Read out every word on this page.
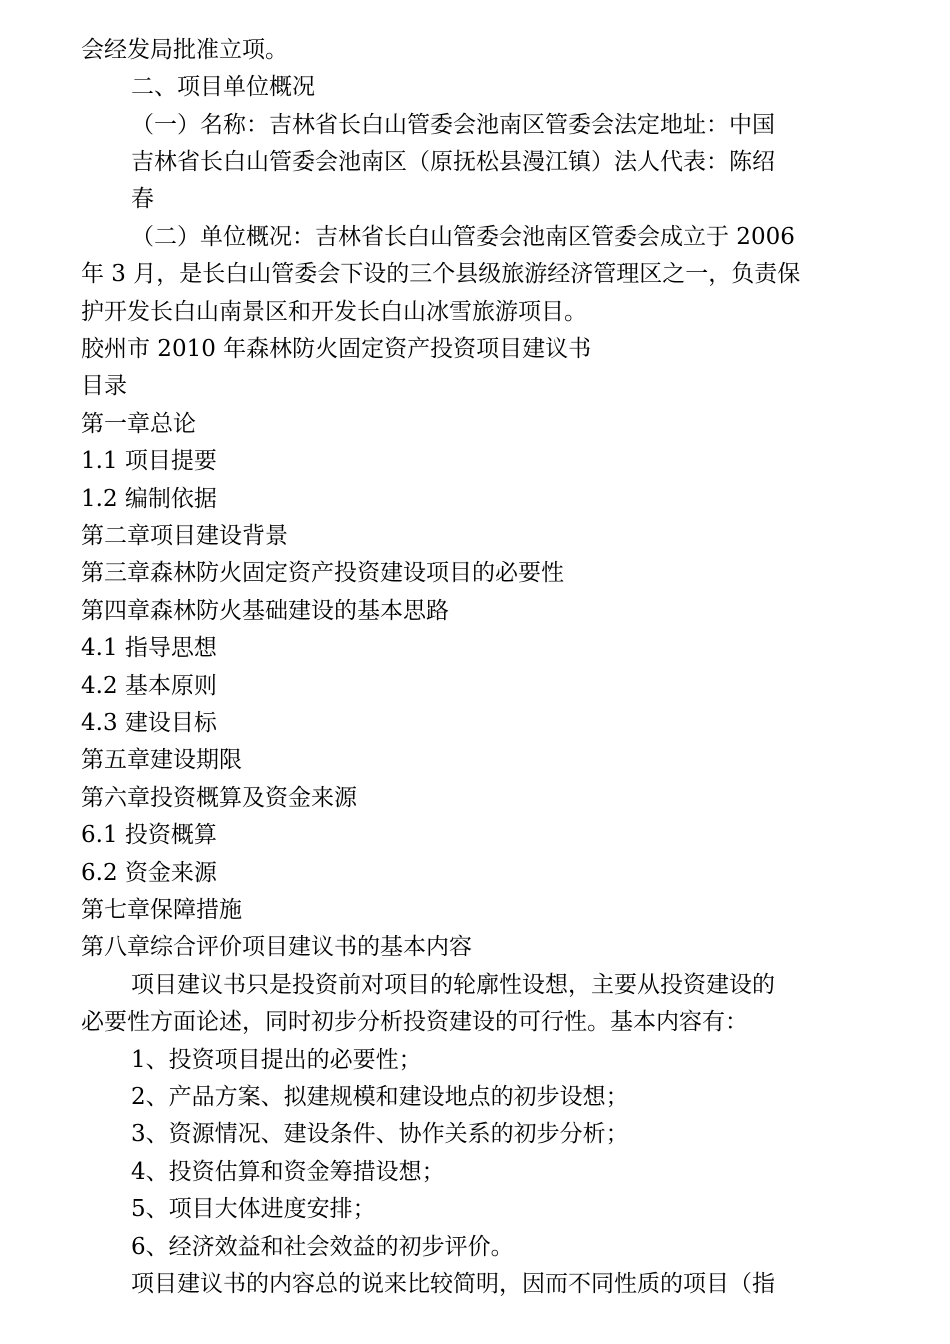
会经发局批准立项。
二、项目单位概况
（一）名称：吉林省长白山管委会池南区管委会法定地址：中国
吉林省长白山管委会池南区（原抚松县漫江镇）法人代表：陈绍
春
（二）单位概况：吉林省长白山管委会池南区管委会成立于 2006
年 3 月，是长白山管委会下设的三个县级旅游经济管理区之一，负责保
护开发长白山南景区和开发长白山冰雪旅游项目。
胶州市 2010 年森林防火固定资产投资项目建议书
目录
第一章总论
1.1 项目提要
1.2 编制依据
第二章项目建设背景
第三章森林防火固定资产投资建设项目的必要性
第四章森林防火基础建设的基本思路
4.1 指导思想
4.2 基本原则
4.3 建设目标
第五章建设期限
第六章投资概算及资金来源
6.1 投资概算
6.2 资金来源
第七章保障措施
第八章综合评价项目建议书的基本内容
项目建议书只是投资前对项目的轮廓性设想，主要从投资建设的
必要性方面论述，同时初步分析投资建设的可行性。基本内容有：
1、投资项目提出的必要性；
2、产品方案、拟建规模和建设地点的初步设想；
3、资源情况、建设条件、协作关系的初步分析；
4、投资估算和资金筹措设想；
5、项目大体进度安排；
6、经济效益和社会效益的初步评价。
项目建议书的内容总的说来比较简明，因而不同性质的项目（指
